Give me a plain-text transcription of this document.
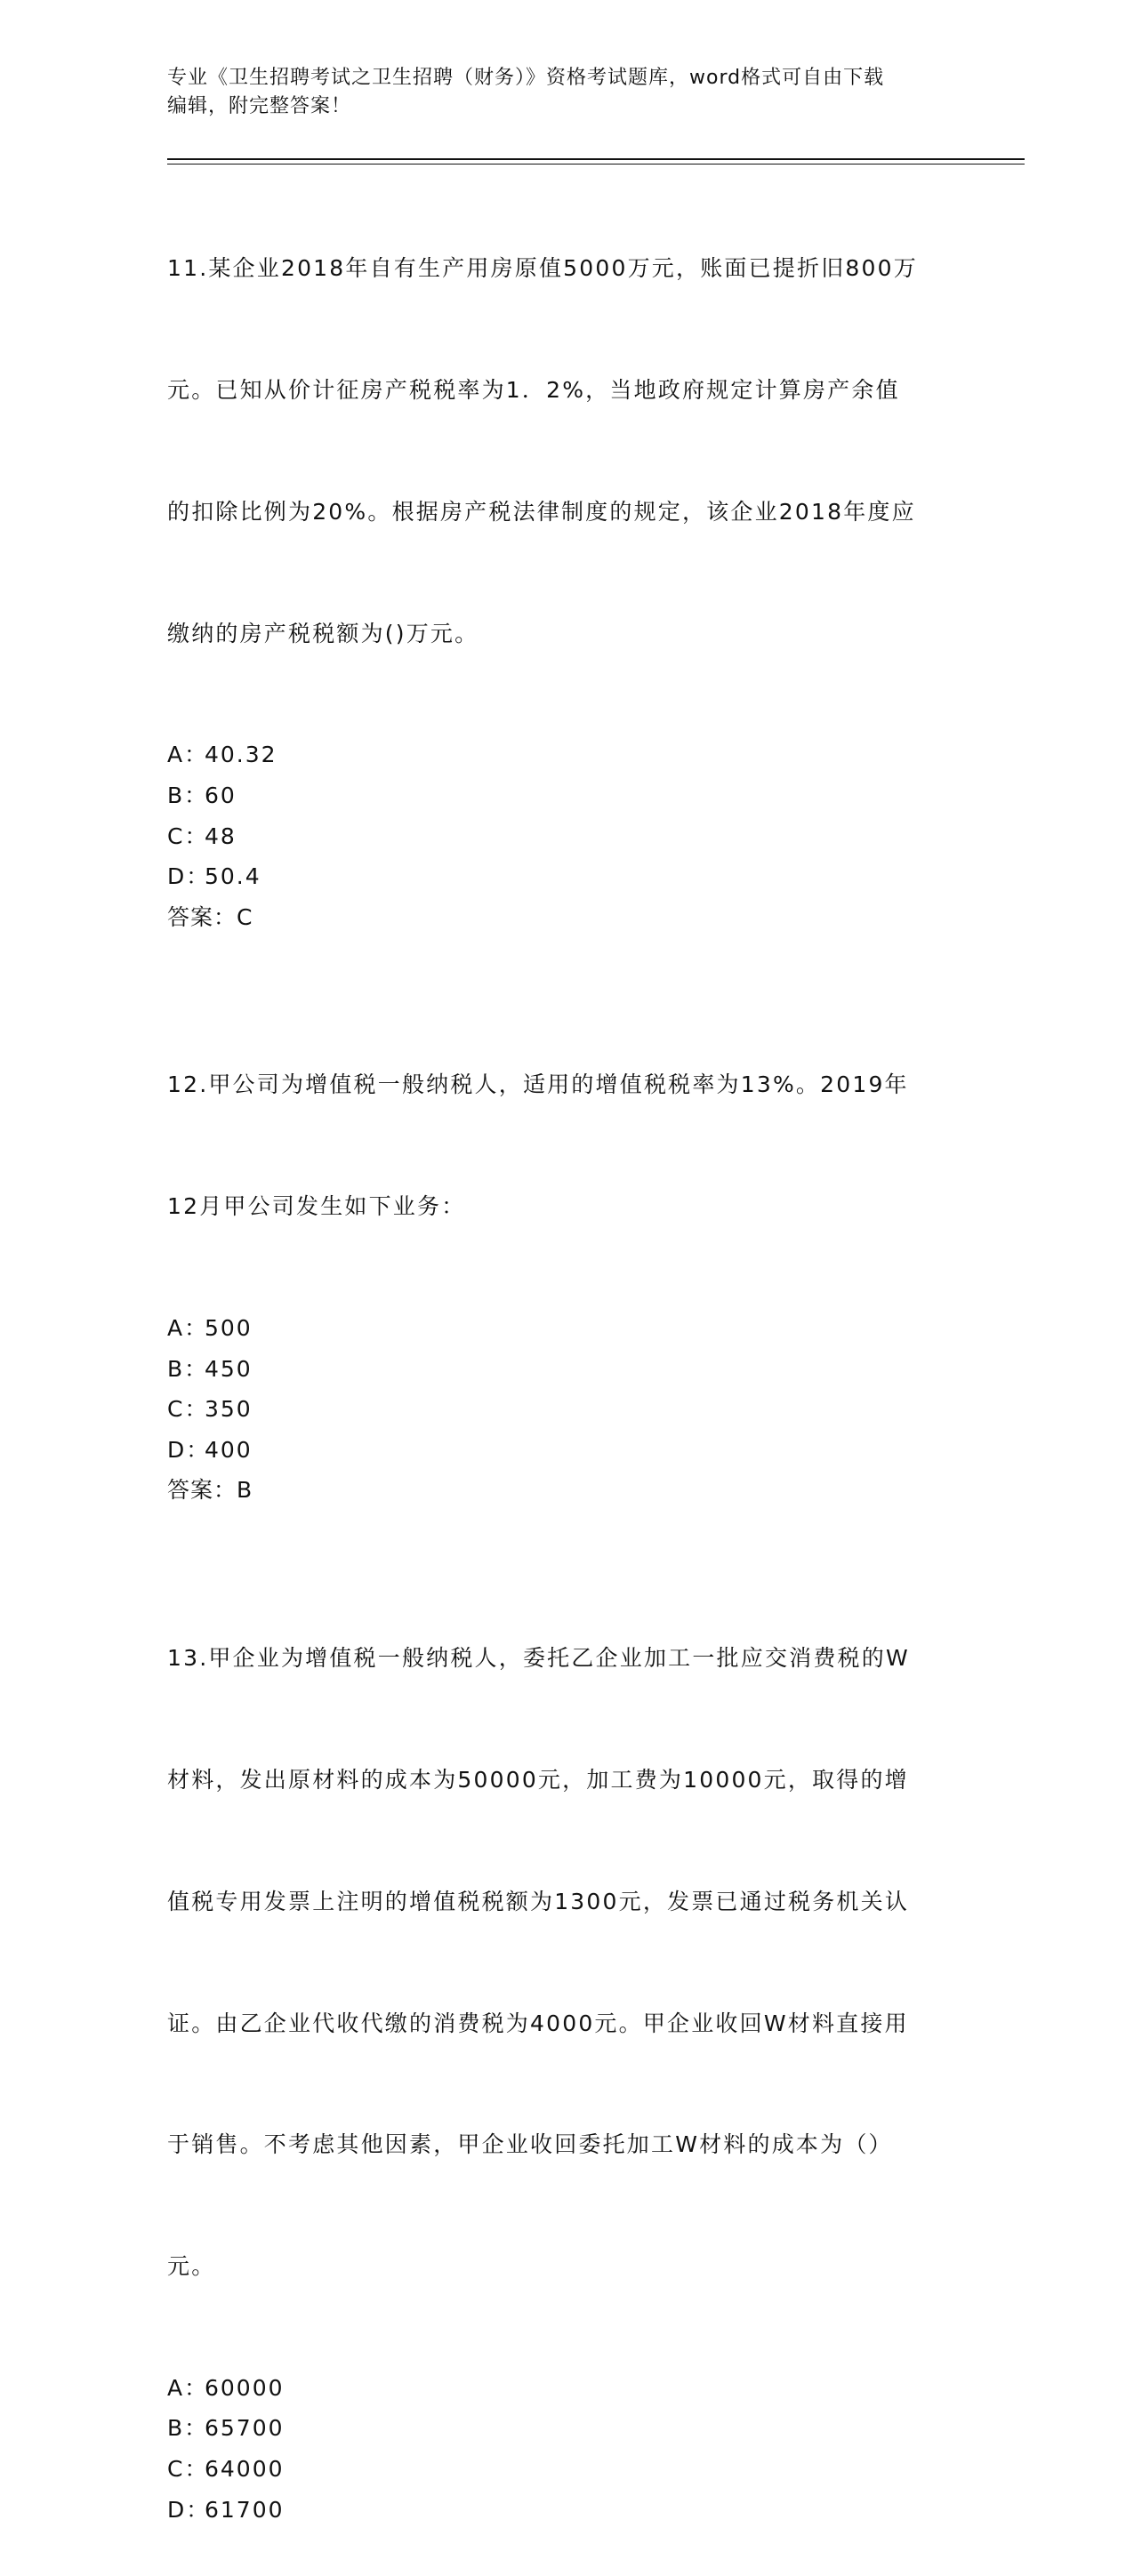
专业《卫生招聘考试之卫生招聘（财务）》资格考试题库，word格式可自由下载
编辑，附完整答案！

11.某企业2018年自有生产用房原值5000万元，账面已提折旧800万

元。已知从价计征房产税税率为1．2%，当地政府规定计算房产余值

的扣除比例为20%。根据房产税法律制度的规定，该企业2018年度应

缴纳的房产税税额为()万元。

A：
40.32
B：
60
C：
48
D：
50.4
答案： C

12.甲公司为增值税一般纳税人，适用的增值税税率为13%。2019年

12月甲公司发生如下业务：

A：
500
B：
450
C：
350
D：
400
答案： B

13.甲企业为增值税一般纳税人，委托乙企业加工一批应交消费税的W

材料，发出原材料的成本为50000元，加工费为10000元，取得的增

值税专用发票上注明的增值税税额为1300元，发票已通过税务机关认

证。由乙企业代收代缴的消费税为4000元。甲企业收回W材料直接用

于销售。不考虑其他因素，甲企业收回委托加工W材料的成本为（）

元。

A：
60000
B：
65700
C：
64000
D：
61700
